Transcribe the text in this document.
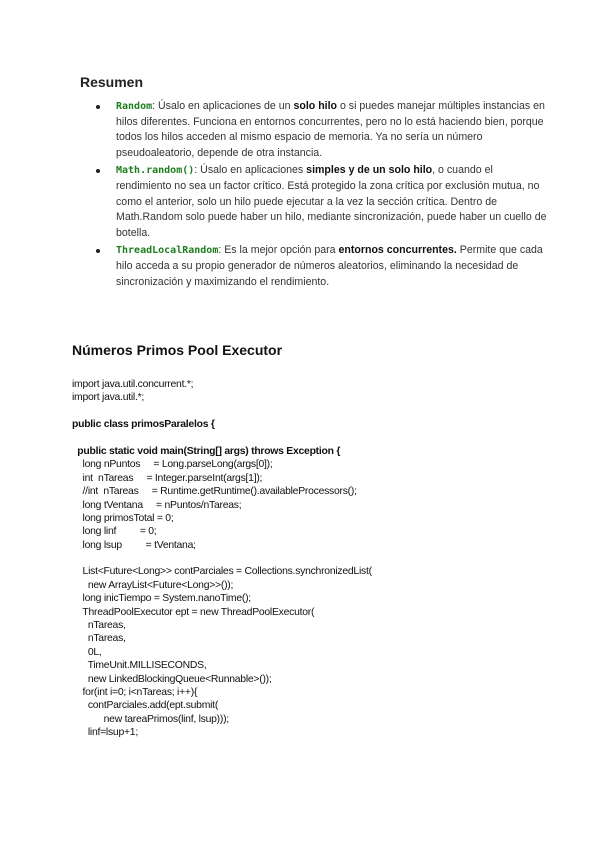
Resumen
Random: Úsalo en aplicaciones de un solo hilo o si puedes manejar múltiples instancias en hilos diferentes. Funciona en entornos concurrentes, pero no lo está haciendo bien, porque todos los hilos acceden al mismo espacio de memoria. Ya no sería un número pseudoaleatorio, depende de otra instancia.
Math.random(): Úsalo en aplicaciones simples y de un solo hilo, o cuando el rendimiento no sea un factor crítico. Está protegido la zona crítica por exclusión mutua, no como el anterior, solo un hilo puede ejecutar a la vez la sección crítica. Dentro de Math.Random solo puede haber un hilo, mediante sincronización, puede haber un cuello de botella.
ThreadLocalRandom: Es la mejor opción para entornos concurrentes. Permite que cada hilo acceda a su propio generador de números aleatorios, eliminando la necesidad de sincronización y maximizando el rendimiento.
Números Primos Pool Executor
import java.util.concurrent.*;
import java.util.*;
public class primosParalelos {
public static void main(String[] args) throws Exception {
long nPuntos     = Long.parseLong(args[0]);
int  nTareas     = Integer.parseInt(args[1]);
//int  nTareas     = Runtime.getRuntime().availableProcessors();
long tVentana     = nPuntos/nTareas;
long primosTotal = 0;
long linf         = 0;
long lsup         = tVentana;
List<Future<Long>> contParciales = Collections.synchronizedList(
new ArrayList<Future<Long>>());
long inicTiempo = System.nanoTime();
ThreadPoolExecutor ept = new ThreadPoolExecutor(
nTareas,
nTareas,
0L,
TimeUnit.MILLISECONDS,
new LinkedBlockingQueue<Runnable>());
for(int i=0; i<nTareas; i++){
contParciales.add(ept.submit(
new tareaPrimos(linf, lsup)));
linf=lsup+1;
